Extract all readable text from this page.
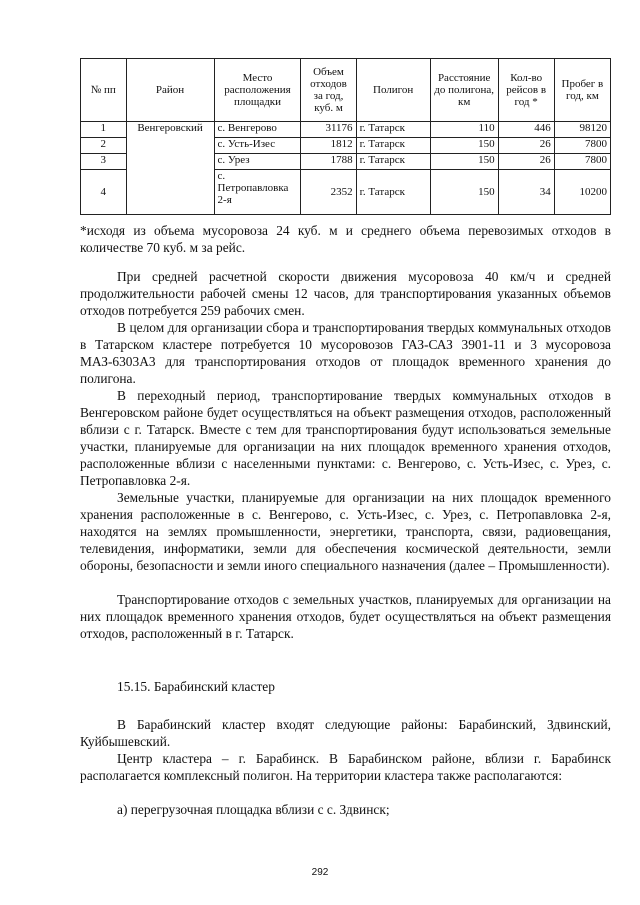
№ пп	Район	Место расположения площадки	Объем отходов за год, куб. м	Полигон	Расстояние до полигона, км	Кол-во рейсов в год *	Пробег в год, км
1	Венгеровский	с. Венгерово	31176	г. Татарск	110	446	98120
2		с. Усть-Изес	1812	г. Татарск	150	26	7800
3		с. Урез	1788	г. Татарск	150	26	7800
4		с. Петропавловка 2-я	2352	г. Татарск	150	34	10200

*исходя из объема мусоровоза 24 куб. м и среднего объема перевозимых отходов в количестве 70 куб. м за рейс.

При средней расчетной скорости движения мусоровоза 40 км/ч и средней продолжительности рабочей смены 12 часов, для транспортирования указанных объемов отходов потребуется 259 рабочих смен.

В целом для организации сбора и транспортирования твердых коммунальных отходов в Татарском кластере потребуется 10 мусоровозов ГАЗ-САЗ 3901-11 и 3 мусоровоза МАЗ-6303А3 для транспортирования отходов от площадок временного хранения до полигона.

В переходный период, транспортирование твердых коммунальных отходов в Венгеровском районе будет осуществляться на объект размещения отходов, расположенный вблизи с г. Татарск. Вместе с тем для транспортирования будут использоваться земельные участки, планируемые для организации на них площадок временного хранения отходов, расположенные вблизи с населенными пунктами: с. Венгерово, с. Усть-Изес, с. Урез, с. Петропавловка 2-я.

Земельные участки, планируемые для организации на них площадок временного хранения расположенные в с. Венгерово, с. Усть-Изес, с. Урез, с. Петропавловка 2-я, находятся на землях промышленности, энергетики, транспорта, связи, радиовещания, телевидения, информатики, земли для обеспечения космической деятельности, земли обороны, безопасности и земли иного специального назначения (далее – Промышленности).

Транспортирование отходов с земельных участков, планируемых для организации на них площадок временного хранения отходов, будет осуществляться на объект размещения отходов, расположенный в г. Татарск.

15.15. Барабинский кластер

В Барабинский кластер входят следующие районы: Барабинский, Здвинский, Куйбышевский.

Центр кластера – г. Барабинск. В Барабинском районе, вблизи г. Барабинск располагается комплексный полигон. На территории кластера также располагаются:

а) перегрузочная площадка вблизи с с. Здвинск;

292
